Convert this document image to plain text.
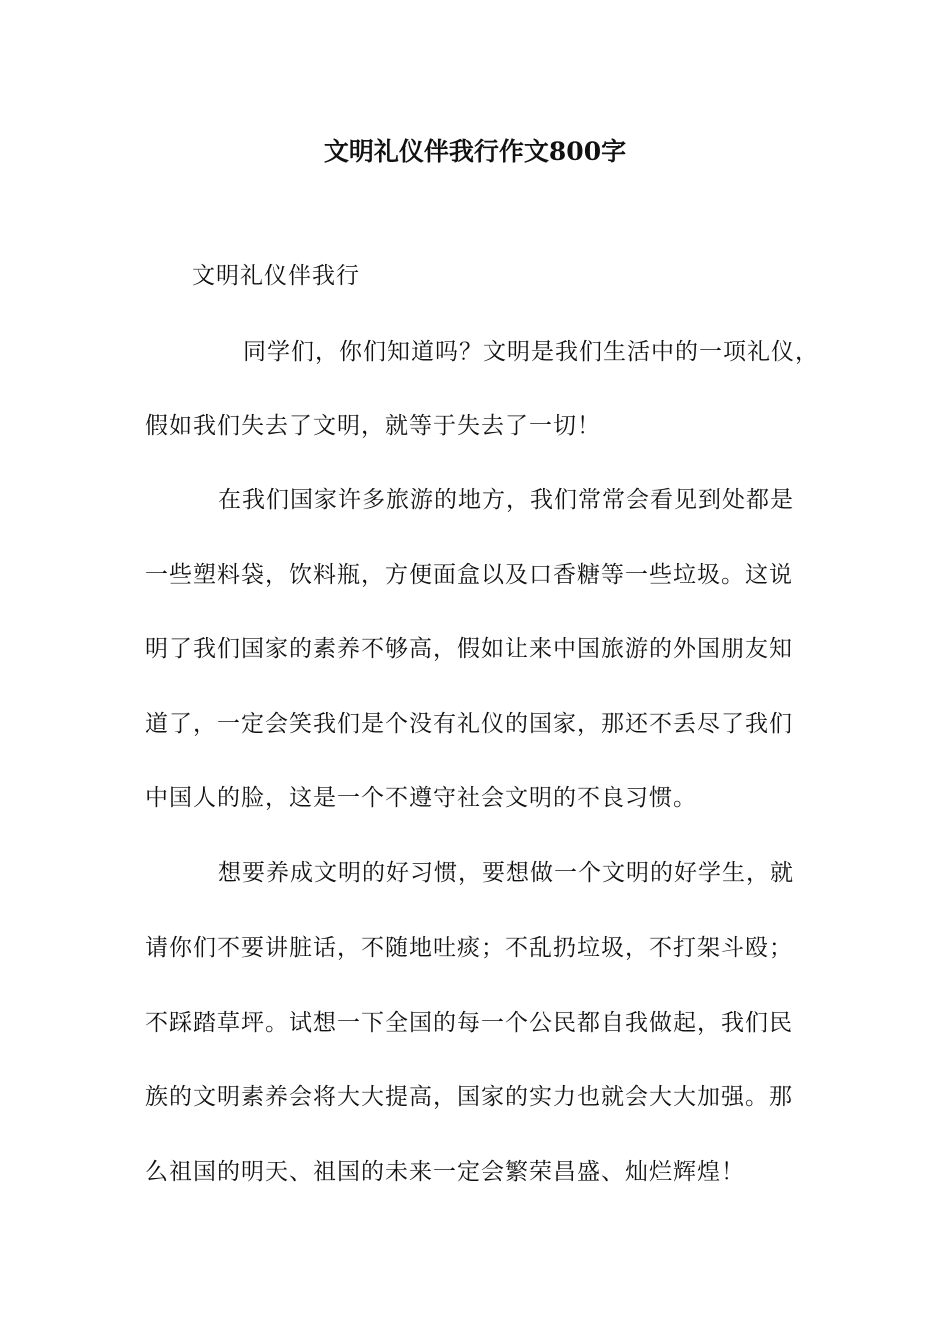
文明礼仪伴我行作文800字
文明礼仪伴我行
同学们，你们知道吗？文明是我们生活中的一项礼仪，
假如我们失去了文明，就等于失去了一切！
在我们国家许多旅游的地方，我们常常会看见到处都是
一些塑料袋，饮料瓶，方便面盒以及口香糖等一些垃圾。这说
明了我们国家的素养不够高，假如让来中国旅游的外国朋友知
道了，一定会笑我们是个没有礼仪的国家，那还不丢尽了我们
中国人的脸，这是一个不遵守社会文明的不良习惯。
想要养成文明的好习惯，要想做一个文明的好学生，就
请你们不要讲脏话，不随地吐痰；不乱扔垃圾，不打架斗殴；
不踩踏草坪。试想一下全国的每一个公民都自我做起，我们民
族的文明素养会将大大提高，国家的实力也就会大大加强。那
么祖国的明天、祖国的未来一定会繁荣昌盛、灿烂辉煌！
